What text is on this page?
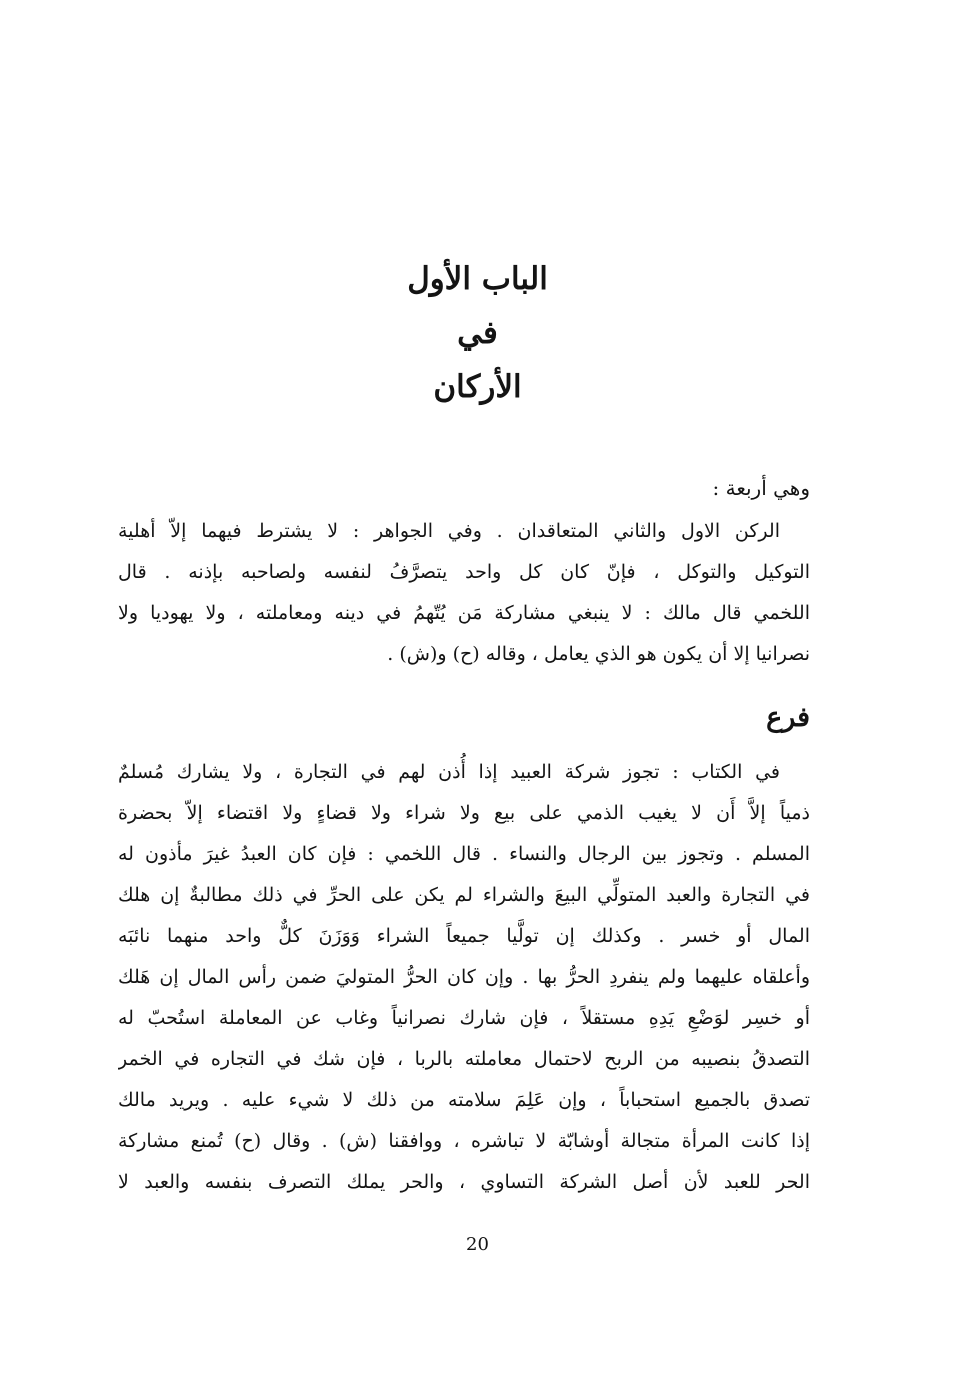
الباب الأول
في
الأركان
وهي أربعة :
الركن الاول والثاني المتعاقدان . وفي الجواهر : لا يشترط فيهما إلاّ أهلية
التوكيل والتوكل ، فإنّ كان كل واحد يتصرَّفُ لنفسه ولصاحبه بإذنه . قال
اللخمي قال مالك : لا ينبغي مشاركة مَن يُتّهمُ في دينه ومعاملته ، ولا يهوديا ولا
نصرانيا إلا أن يكون هو الذي يعامل ، وقاله (ح) و(ش) .
فرع
في الكتاب : تجوز شركة العبيد إذا أُذن لهم في التجارة ، ولا يشارك مُسلمٌ
ذمياً إلاَّ أَن لا يغيب الذمي على بيع ولا شراء ولا قضاءٍ ولا اقتضاء إلاّ بحضرة
المسلم . وتجوز بين الرجال والنساء . قال اللخمي : فإن كان العبدُ غيرَ مأذون له
في التجارة والعبد المتولِّي البيعَ والشراء لم يكن على الحرِّ في ذلك مطالبةٌ إن هلك
المال أو خسر . وكذلك إن تولَّيا جميعاً الشراء وَوَزَنَ كلٌّ واحد منهما نائبَه
وأعلقاه عليهما ولم ينفردِ الحرُّ بها . وإن كان الحرُّ المتوليَ ضمن رأس المال إن هَلك
أو خسِر لوَضْعِ يَدِهِ مستقلاً ، فإن شارك نصرانياً وغاب عن المعاملة استُحبّ له
التصدقُ بنصيبه من الربح لاحتمال معاملته بالربا ، فإن شك في التجاره في الخمر
تصدق بالجميع استحباباً ، وإن عَلِمَ سلامته من ذلك لا شيء عليه . ويريد مالك
إذا كانت المرأة متجالة أوشابّة لا تباشره ، ووافقنا (ش) . وقال (ح) تُمنع مشاركة
الحر للعبد لأن أصل الشركة التساوي ، والحر يملك التصرف بنفسه والعبد لا
20
